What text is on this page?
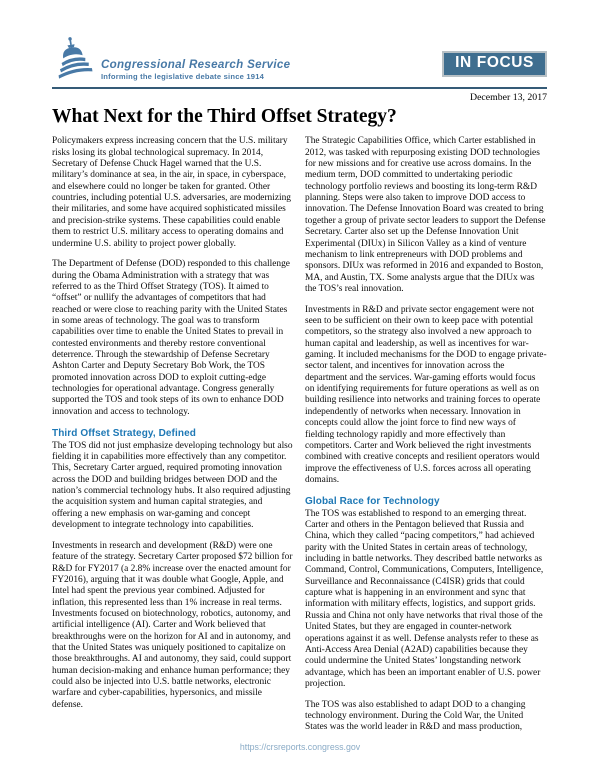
Congressional Research Service
Informing the legislative debate since 1914
IN FOCUS
December 13, 2017
What Next for the Third Offset Strategy?

Policymakers express increasing concern that the U.S. military risks losing its global technological supremacy. In 2014, Secretary of Defense Chuck Hagel warned that the U.S. military’s dominance at sea, in the air, in space, in cyberspace, and elsewhere could no longer be taken for granted. Other countries, including potential U.S. adversaries, are modernizing their militaries, and some have acquired sophisticated missiles and precision-strike systems. These capabilities could enable them to restrict U.S. military access to operating domains and undermine U.S. ability to project power globally.

The Department of Defense (DOD) responded to this challenge during the Obama Administration with a strategy that was referred to as the Third Offset Strategy (TOS). It aimed to “offset” or nullify the advantages of competitors that had reached or were close to reaching parity with the United States in some areas of technology. The goal was to transform capabilities over time to enable the United States to prevail in contested environments and thereby restore conventional deterrence. Through the stewardship of Defense Secretary Ashton Carter and Deputy Secretary Bob Work, the TOS promoted innovation across DOD to exploit cutting-edge technologies for operational advantage. Congress generally supported the TOS and took steps of its own to enhance DOD innovation and access to technology.

Third Offset Strategy, Defined

The TOS did not just emphasize developing technology but also fielding it in capabilities more effectively than any competitor. This, Secretary Carter argued, required promoting innovation across the DOD and building bridges between DOD and the nation’s commercial technology hubs. It also required adjusting the acquisition system and human capital strategies, and offering a new emphasis on war-gaming and concept development to integrate technology into capabilities.

Investments in research and development (R&D) were one feature of the strategy. Secretary Carter proposed $72 billion for R&D for FY2017 (a 2.8% increase over the enacted amount for FY2016), arguing that it was double what Google, Apple, and Intel had spent the previous year combined. Adjusted for inflation, this represented less than 1% increase in real terms. Investments focused on biotechnology, robotics, autonomy, and artificial intelligence (AI). Carter and Work believed that breakthroughs were on the horizon for AI and in autonomy, and that the United States was uniquely positioned to capitalize on those breakthroughs. AI and autonomy, they said, could support human decision-making and enhance human performance; they could also be injected into U.S. battle networks, electronic warfare and cyber-capabilities, hypersonics, and missile defense.

The Strategic Capabilities Office, which Carter established in 2012, was tasked with repurposing existing DOD technologies for new missions and for creative use across domains. In the medium term, DOD committed to undertaking periodic technology portfolio reviews and boosting its long-term R&D planning. Steps were also taken to improve DOD access to innovation. The Defense Innovation Board was created to bring together a group of private sector leaders to support the Defense Secretary. Carter also set up the Defense Innovation Unit Experimental (DIUx) in Silicon Valley as a kind of venture mechanism to link entrepreneurs with DOD problems and sponsors. DIUx was reformed in 2016 and expanded to Boston, MA, and Austin, TX. Some analysts argue that the DIUx was the TOS’s real innovation.

Investments in R&D and private sector engagement were not seen to be sufficient on their own to keep pace with potential competitors, so the strategy also involved a new approach to human capital and leadership, as well as incentives for war-gaming. It included mechanisms for the DOD to engage private-sector talent, and incentives for innovation across the department and the services. War-gaming efforts would focus on identifying requirements for future operations as well as on building resilience into networks and training forces to operate independently of networks when necessary. Innovation in concepts could allow the joint force to find new ways of fielding technology rapidly and more effectively than competitors. Carter and Work believed the right investments combined with creative concepts and resilient operators would improve the effectiveness of U.S. forces across all operating domains.

Global Race for Technology

The TOS was established to respond to an emerging threat. Carter and others in the Pentagon believed that Russia and China, which they called “pacing competitors,” had achieved parity with the United States in certain areas of technology, including in battle networks. They described battle networks as Command, Control, Communications, Computers, Intelligence, Surveillance and Reconnaissance (C4ISR) grids that could capture what is happening in an environment and sync that information with military effects, logistics, and support grids. Russia and China not only have networks that rival those of the United States, but they are engaged in counter-network operations against it as well. Defense analysts refer to these as Anti-Access Area Denial (A2AD) capabilities because they could undermine the United States’ longstanding network advantage, which has been an important enabler of U.S. power projection.

The TOS was also established to adapt DOD to a changing technology environment. During the Cold War, the United States was the world leader in R&D and mass production,

https://crsreports.congress.gov
